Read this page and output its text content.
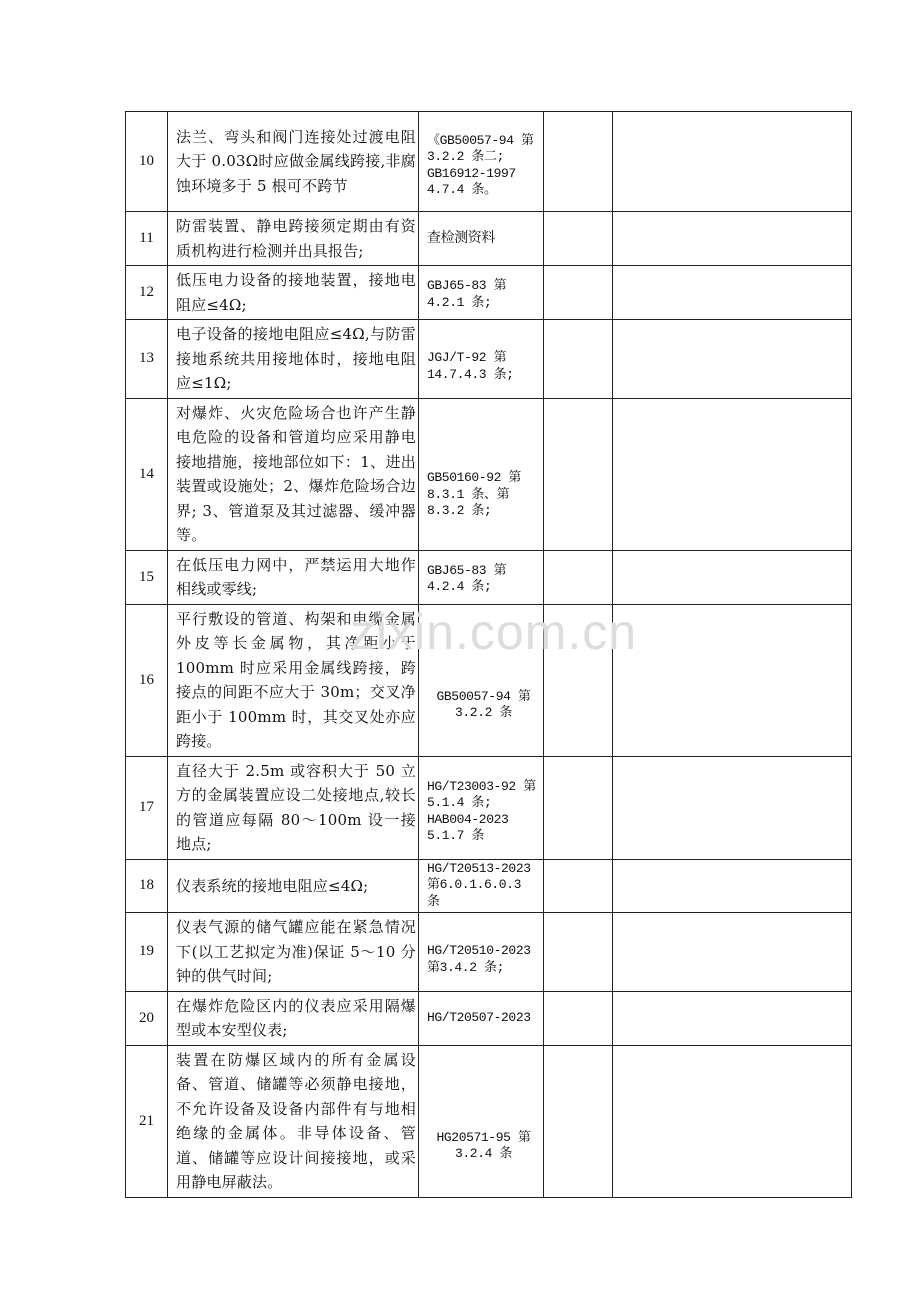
10	法兰、弯头和阀门连接处过渡电阻大于 0.03Ω时应做金属线跨接,非腐蚀环境多于 5 根可不跨节	《GB50057-94 第
3.2.2 条二;
GB16912-1997
4.7.4 条。		

11	防雷装置、静电跨接须定期由有资质机构进行检测并出具报告;	查检测资料		

12	低压电力设备的接地装置，接地电阻应≤4Ω;	GBJ65-83 第
4.2.1 条;		

13	电子设备的接地电阻应≤4Ω,与防雷接地系统共用接地体时，接地电阻应≤1Ω;	JGJ/T-92 第
14.7.4.3 条;		

14	对爆炸、火灾危险场合也许产生静电危险的设备和管道均应采用静电接地措施，接地部位如下：1、进出装置或设施处；2、爆炸危险场合边界; 3、管道泵及其过滤器、缓冲器等。	GB50160-92 第
8.3.1 条、第
8.3.2 条;		

15	在低压电力网中，严禁运用大地作相线或零线;	GBJ65-83 第
4.2.4 条;		

16	平行敷设的管道、构架和电缆金属外皮等长金属物，其净距小于 100mm 时应采用金属线跨接，跨接点的间距不应大于 30m；交叉净距小于 100mm 时，其交叉处亦应跨接。	GB50057-94 第
3.2.2 条		

17	直径大于 2.5m 或容积大于 50 立方的金属装置应设二处接地点,较长的管道应每隔 80～100m 设一接地点;	HG/T23003-92 第
5.1.4 条;
HAB004-2023
5.1.7 条		

18	仪表系统的接地电阻应≤4Ω;	HG/T20513-2023
第6.0.1.6.0.3 条		

19	仪表气源的储气罐应能在紧急情况下(以工艺拟定为准)保证 5～10 分钟的供气时间;	HG/T20510-2023
第3.4.2 条;		

20	在爆炸危险区内的仪表应采用隔爆型或本安型仪表;	HG/T20507-2023		

21	装置在防爆区域内的所有金属设备、管道、储罐等必须静电接地，不允许设备及设备内部件有与地相绝缘的金属体。非导体设备、管道、储罐等应设计间接接地，或采用静电屏蔽法。	HG20571-95 第
3.2.4 条		

zixin.com.cn
